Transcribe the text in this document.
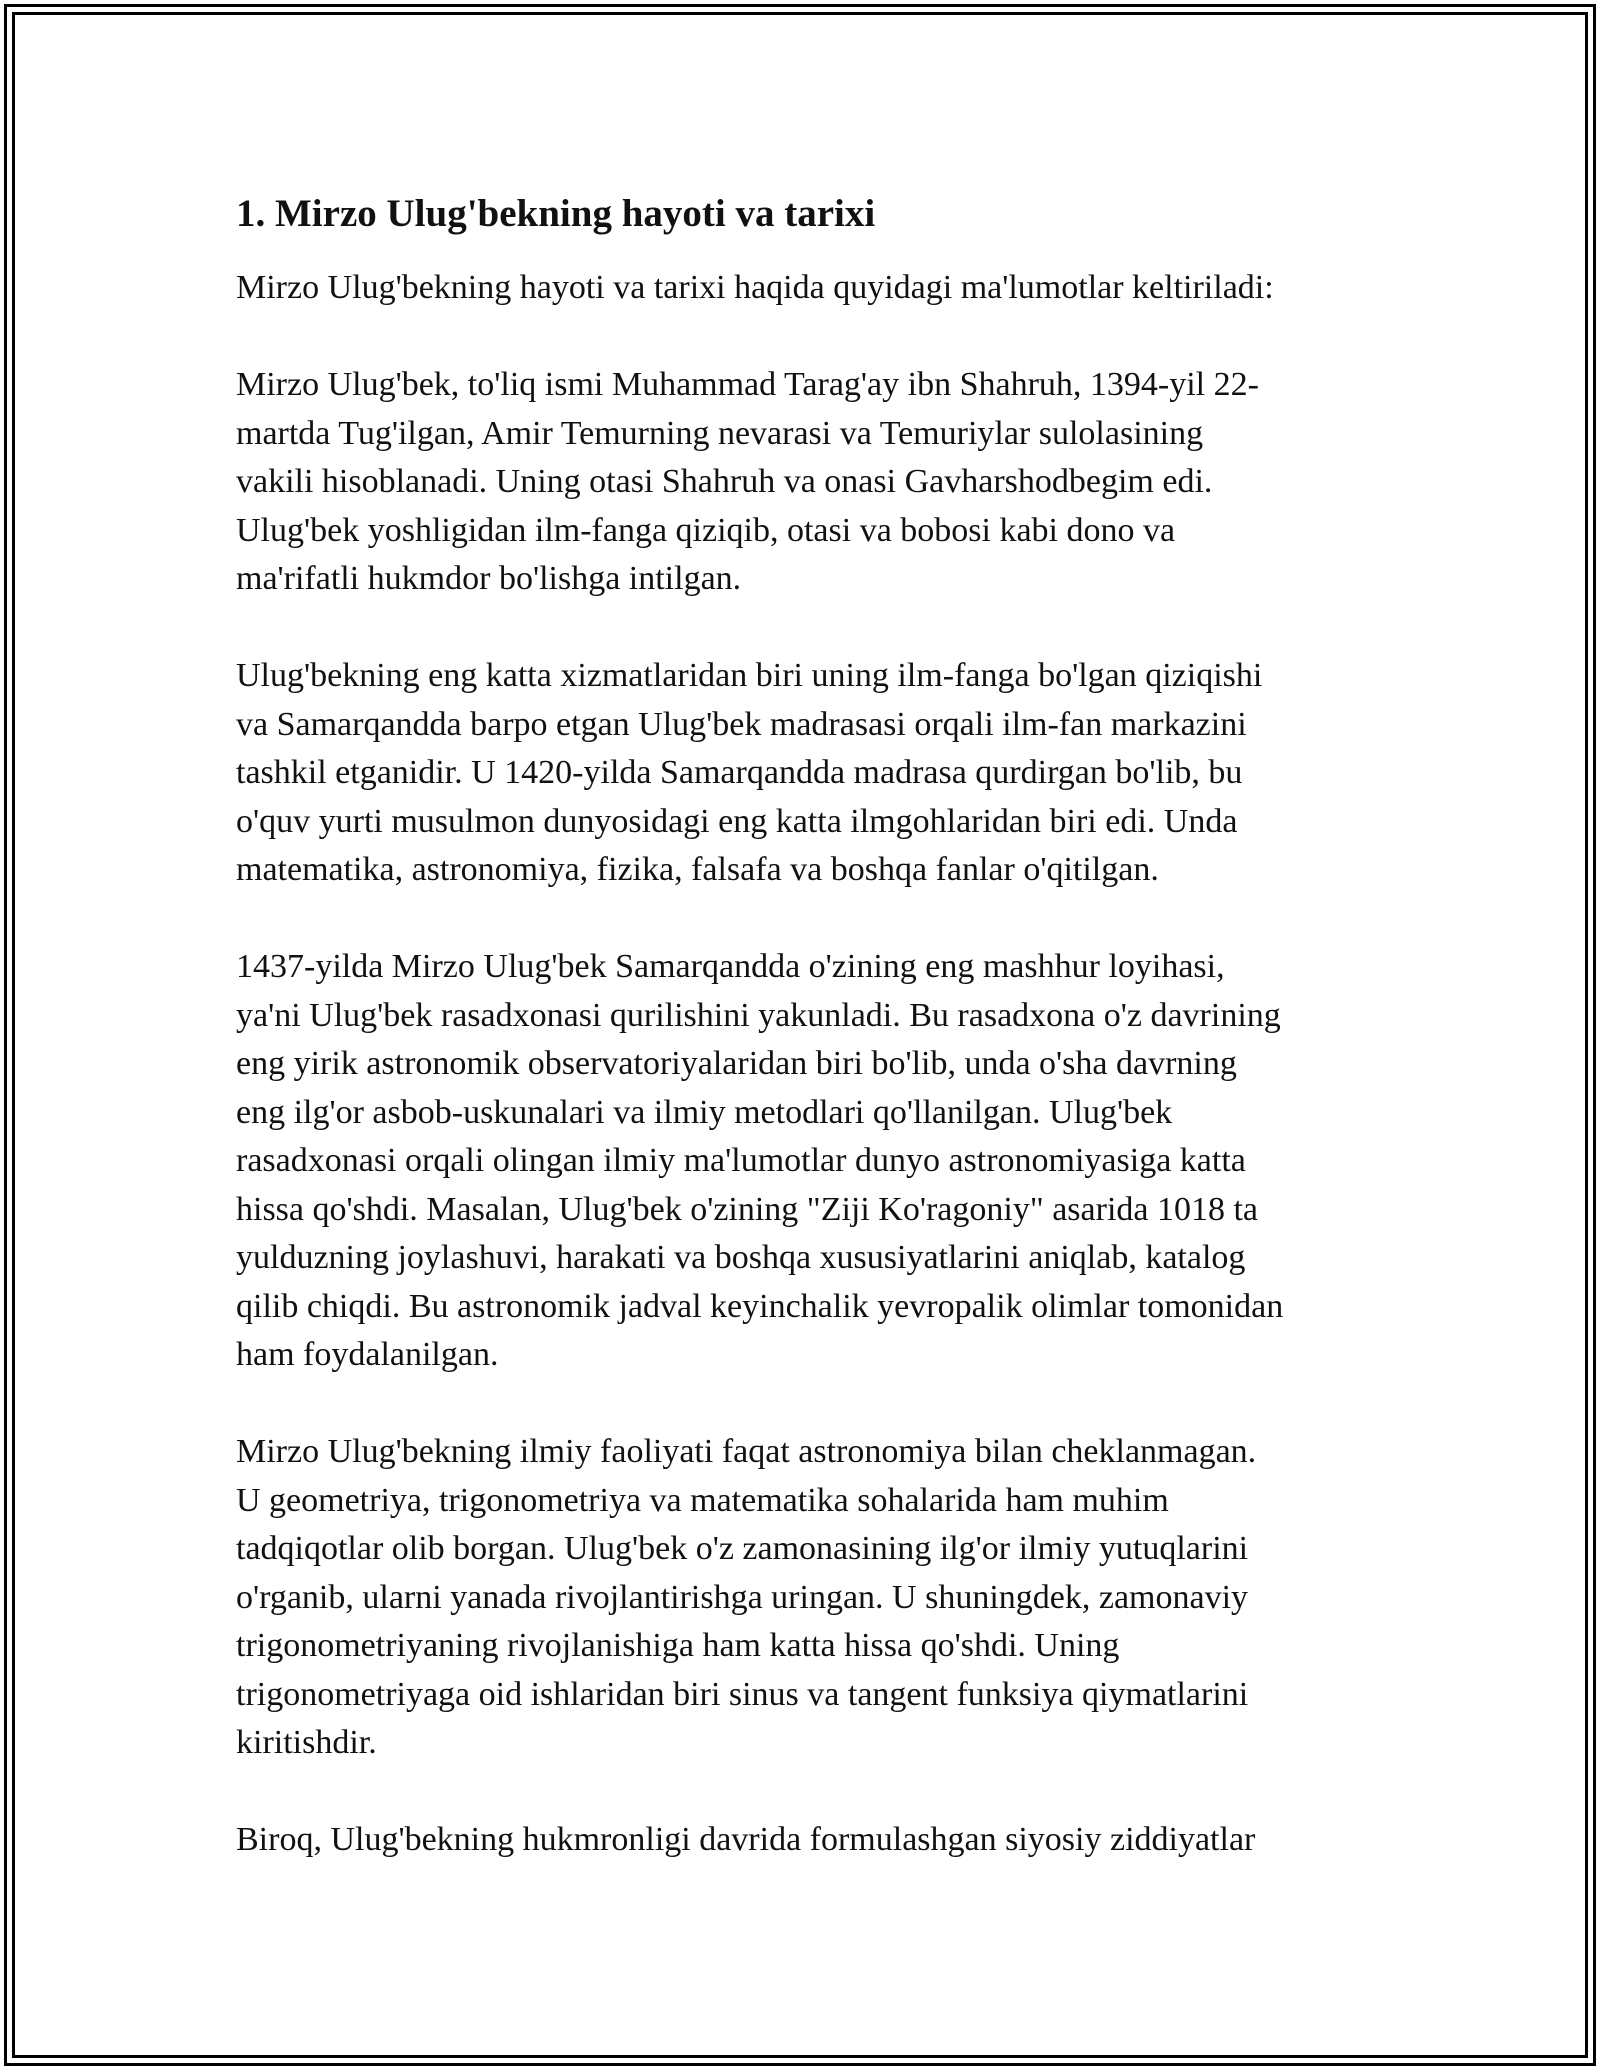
1. Mirzo Ulug'bekning hayoti va tarixi

Mirzo Ulug'bekning hayoti va tarixi haqida quyidagi ma'lumotlar keltiriladi:

Mirzo Ulug'bek, to'liq ismi Muhammad Tarag'ay ibn Shahruh, 1394-yil 22-
martda Tug'ilgan, Amir Temurning nevarasi va Temuriylar sulolasining
vakili hisoblanadi. Uning otasi Shahruh va onasi Gavharshodbegim edi.
Ulug'bek yoshligidan ilm-fanga qiziqib, otasi va bobosi kabi dono va
ma'rifatli hukmdor bo'lishga intilgan.

Ulug'bekning eng katta xizmatlaridan biri uning ilm-fanga bo'lgan qiziqishi
va Samarqandda barpo etgan Ulug'bek madrasasi orqali ilm-fan markazini
tashkil etganidir. U 1420-yilda Samarqandda madrasa qurdirgan bo'lib, bu
o'quv yurti musulmon dunyosidagi eng katta ilmgohlaridan biri edi. Unda
matematika, astronomiya, fizika, falsafa va boshqa fanlar o'qitilgan.

1437-yilda Mirzo Ulug'bek Samarqandda o'zining eng mashhur loyihasi,
ya'ni Ulug'bek rasadxonasi qurilishini yakunladi. Bu rasadxona o'z davrining
eng yirik astronomik observatoriyalaridan biri bo'lib, unda o'sha davrning
eng ilg'or asbob-uskunalari va ilmiy metodlari qo'llanilgan. Ulug'bek
rasadxonasi orqali olingan ilmiy ma'lumotlar dunyo astronomiyasiga katta
hissa qo'shdi. Masalan, Ulug'bek o'zining "Ziji Ko'ragoniy" asarida 1018 ta
yulduzning joylashuvi, harakati va boshqa xususiyatlarini aniqlab, katalog
qilib chiqdi. Bu astronomik jadval keyinchalik yevropalik olimlar tomonidan
ham foydalanilgan.

Mirzo Ulug'bekning ilmiy faoliyati faqat astronomiya bilan cheklanmagan.
U geometriya, trigonometriya va matematika sohalarida ham muhim
tadqiqotlar olib borgan. Ulug'bek o'z zamonasining ilg'or ilmiy yutuqlarini
o'rganib, ularni yanada rivojlantirishga uringan. U shuningdek, zamonaviy
trigonometriyaning rivojlanishiga ham katta hissa qo'shdi. Uning
trigonometriyaga oid ishlaridan biri sinus va tangent funksiya qiymatlarini
kiritishdir.

Biroq, Ulug'bekning hukmronligi davrida formulashgan siyosiy ziddiyatlar
